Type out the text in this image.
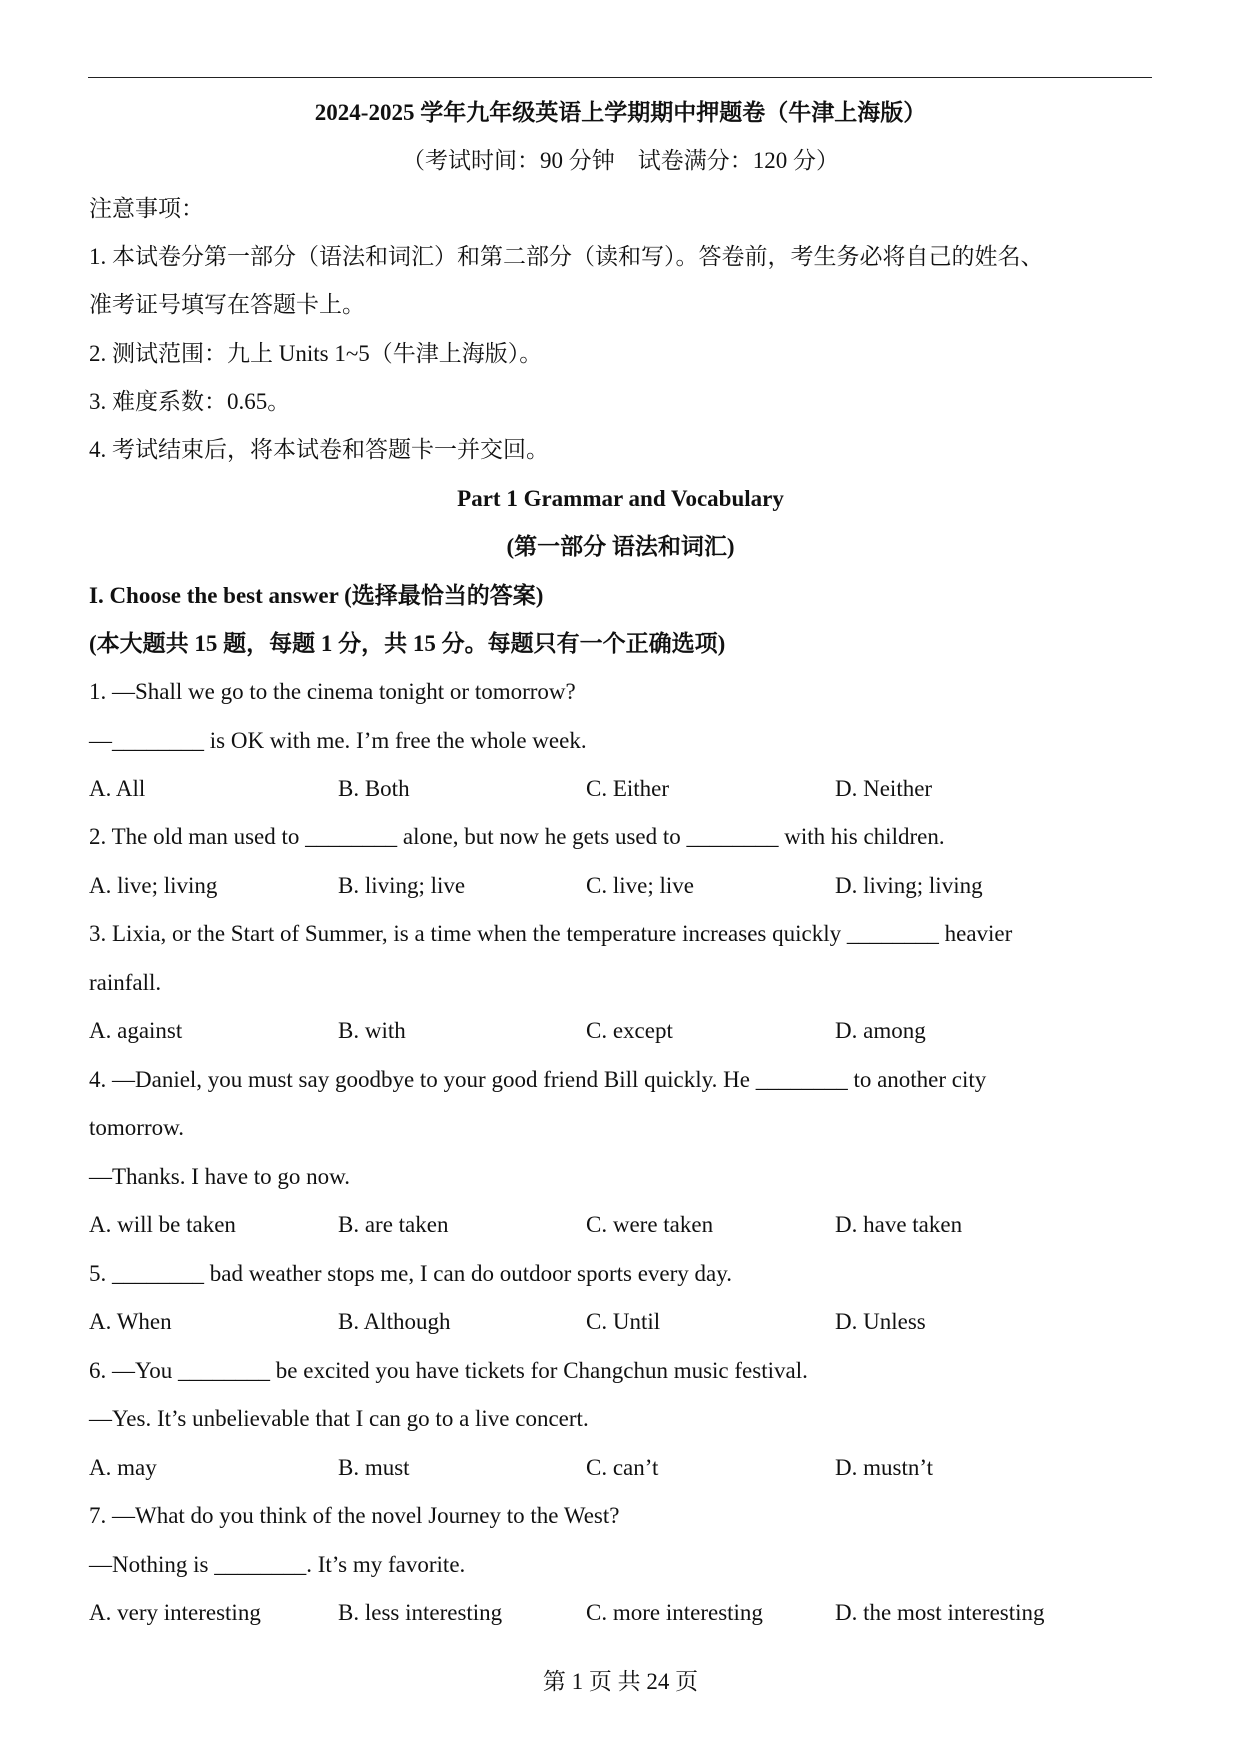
2024-2025 学年九年级英语上学期期中押题卷（牛津上海版）
（考试时间：90 分钟　试卷满分：120 分）
注意事项：
1. 本试卷分第一部分（语法和词汇）和第二部分（读和写）。答卷前，考生务必将自己的姓名、
准考证号填写在答题卡上。
2. 测试范围：九上 Units 1~5（牛津上海版）。
3. 难度系数：0.65。
4. 考试结束后，将本试卷和答题卡一并交回。
Part 1 Grammar and Vocabulary
(第一部分 语法和词汇)
I. Choose the best answer (选择最恰当的答案)
(本大题共 15 题，每题 1 分，共 15 分。每题只有一个正确选项)
1. —Shall we go to the cinema tonight or tomorrow?
—________ is OK with me. I’m free the whole week.
A. All	B. Both	C. Either	D. Neither
2. The old man used to ________ alone, but now he gets used to ________ with his children.
A. live; living	B. living; live	C. live; live	D. living; living
3. Lixia, or the Start of Summer, is a time when the temperature increases quickly ________ heavier
rainfall.
A. against	B. with	C. except	D. among
4. —Daniel, you must say goodbye to your good friend Bill quickly. He ________ to another city
tomorrow.
—Thanks. I have to go now.
A. will be taken	B. are taken	C. were taken	D. have taken
5. ________ bad weather stops me, I can do outdoor sports every day.
A. When	B. Although	C. Until	D. Unless
6. —You ________ be excited you have tickets for Changchun music festival.
—Yes. It’s unbelievable that I can go to a live concert.
A. may	B. must	C. can’t	D. mustn’t
7. —What do you think of the novel Journey to the West?
—Nothing is ________. It’s my favorite.
A. very interesting	B. less interesting	C. more interesting	D. the most interesting
第 1 页 共 24 页
